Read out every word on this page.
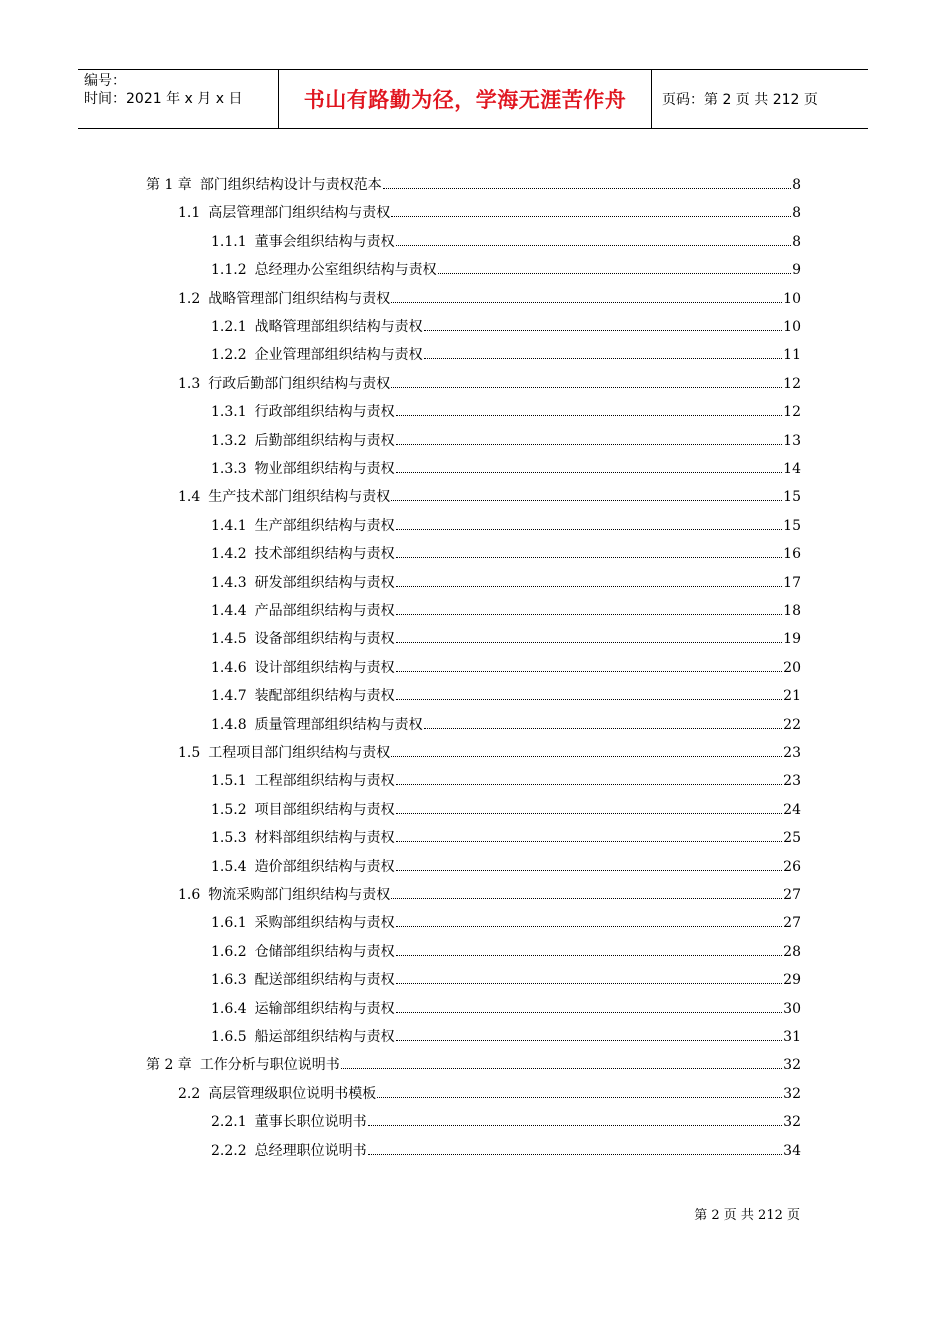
编号：
时间：2021 年 x 月 x 日	书山有路勤为径，学海无涯苦作舟	页码：第 2 页 共 212 页
第 1 章 部门组织结构设计与责权范本	8
1.1 高层管理部门组织结构与责权	8
1.1.1 董事会组织结构与责权	8
1.1.2 总经理办公室组织结构与责权	9
1.2 战略管理部门组织结构与责权	10
1.2.1 战略管理部组织结构与责权	10
1.2.2 企业管理部组织结构与责权	11
1.3 行政后勤部门组织结构与责权	12
1.3.1 行政部组织结构与责权	12
1.3.2 后勤部组织结构与责权	13
1.3.3 物业部组织结构与责权	14
1.4 生产技术部门组织结构与责权	15
1.4.1 生产部组织结构与责权	15
1.4.2 技术部组织结构与责权	16
1.4.3 研发部组织结构与责权	17
1.4.4 产品部组织结构与责权	18
1.4.5 设备部组织结构与责权	19
1.4.6 设计部组织结构与责权	20
1.4.7 装配部组织结构与责权	21
1.4.8 质量管理部组织结构与责权	22
1.5 工程项目部门组织结构与责权	23
1.5.1 工程部组织结构与责权	23
1.5.2 项目部组织结构与责权	24
1.5.3 材料部组织结构与责权	25
1.5.4 造价部组织结构与责权	26
1.6 物流采购部门组织结构与责权	27
1.6.1 采购部组织结构与责权	27
1.6.2 仓储部组织结构与责权	28
1.6.3 配送部组织结构与责权	29
1.6.4 运输部组织结构与责权	30
1.6.5 船运部组织结构与责权	31
第 2 章 工作分析与职位说明书	32
2.2 高层管理级职位说明书模板	32
2.2.1 董事长职位说明书	32
2.2.2 总经理职位说明书	34
第 2 页 共 212 页
